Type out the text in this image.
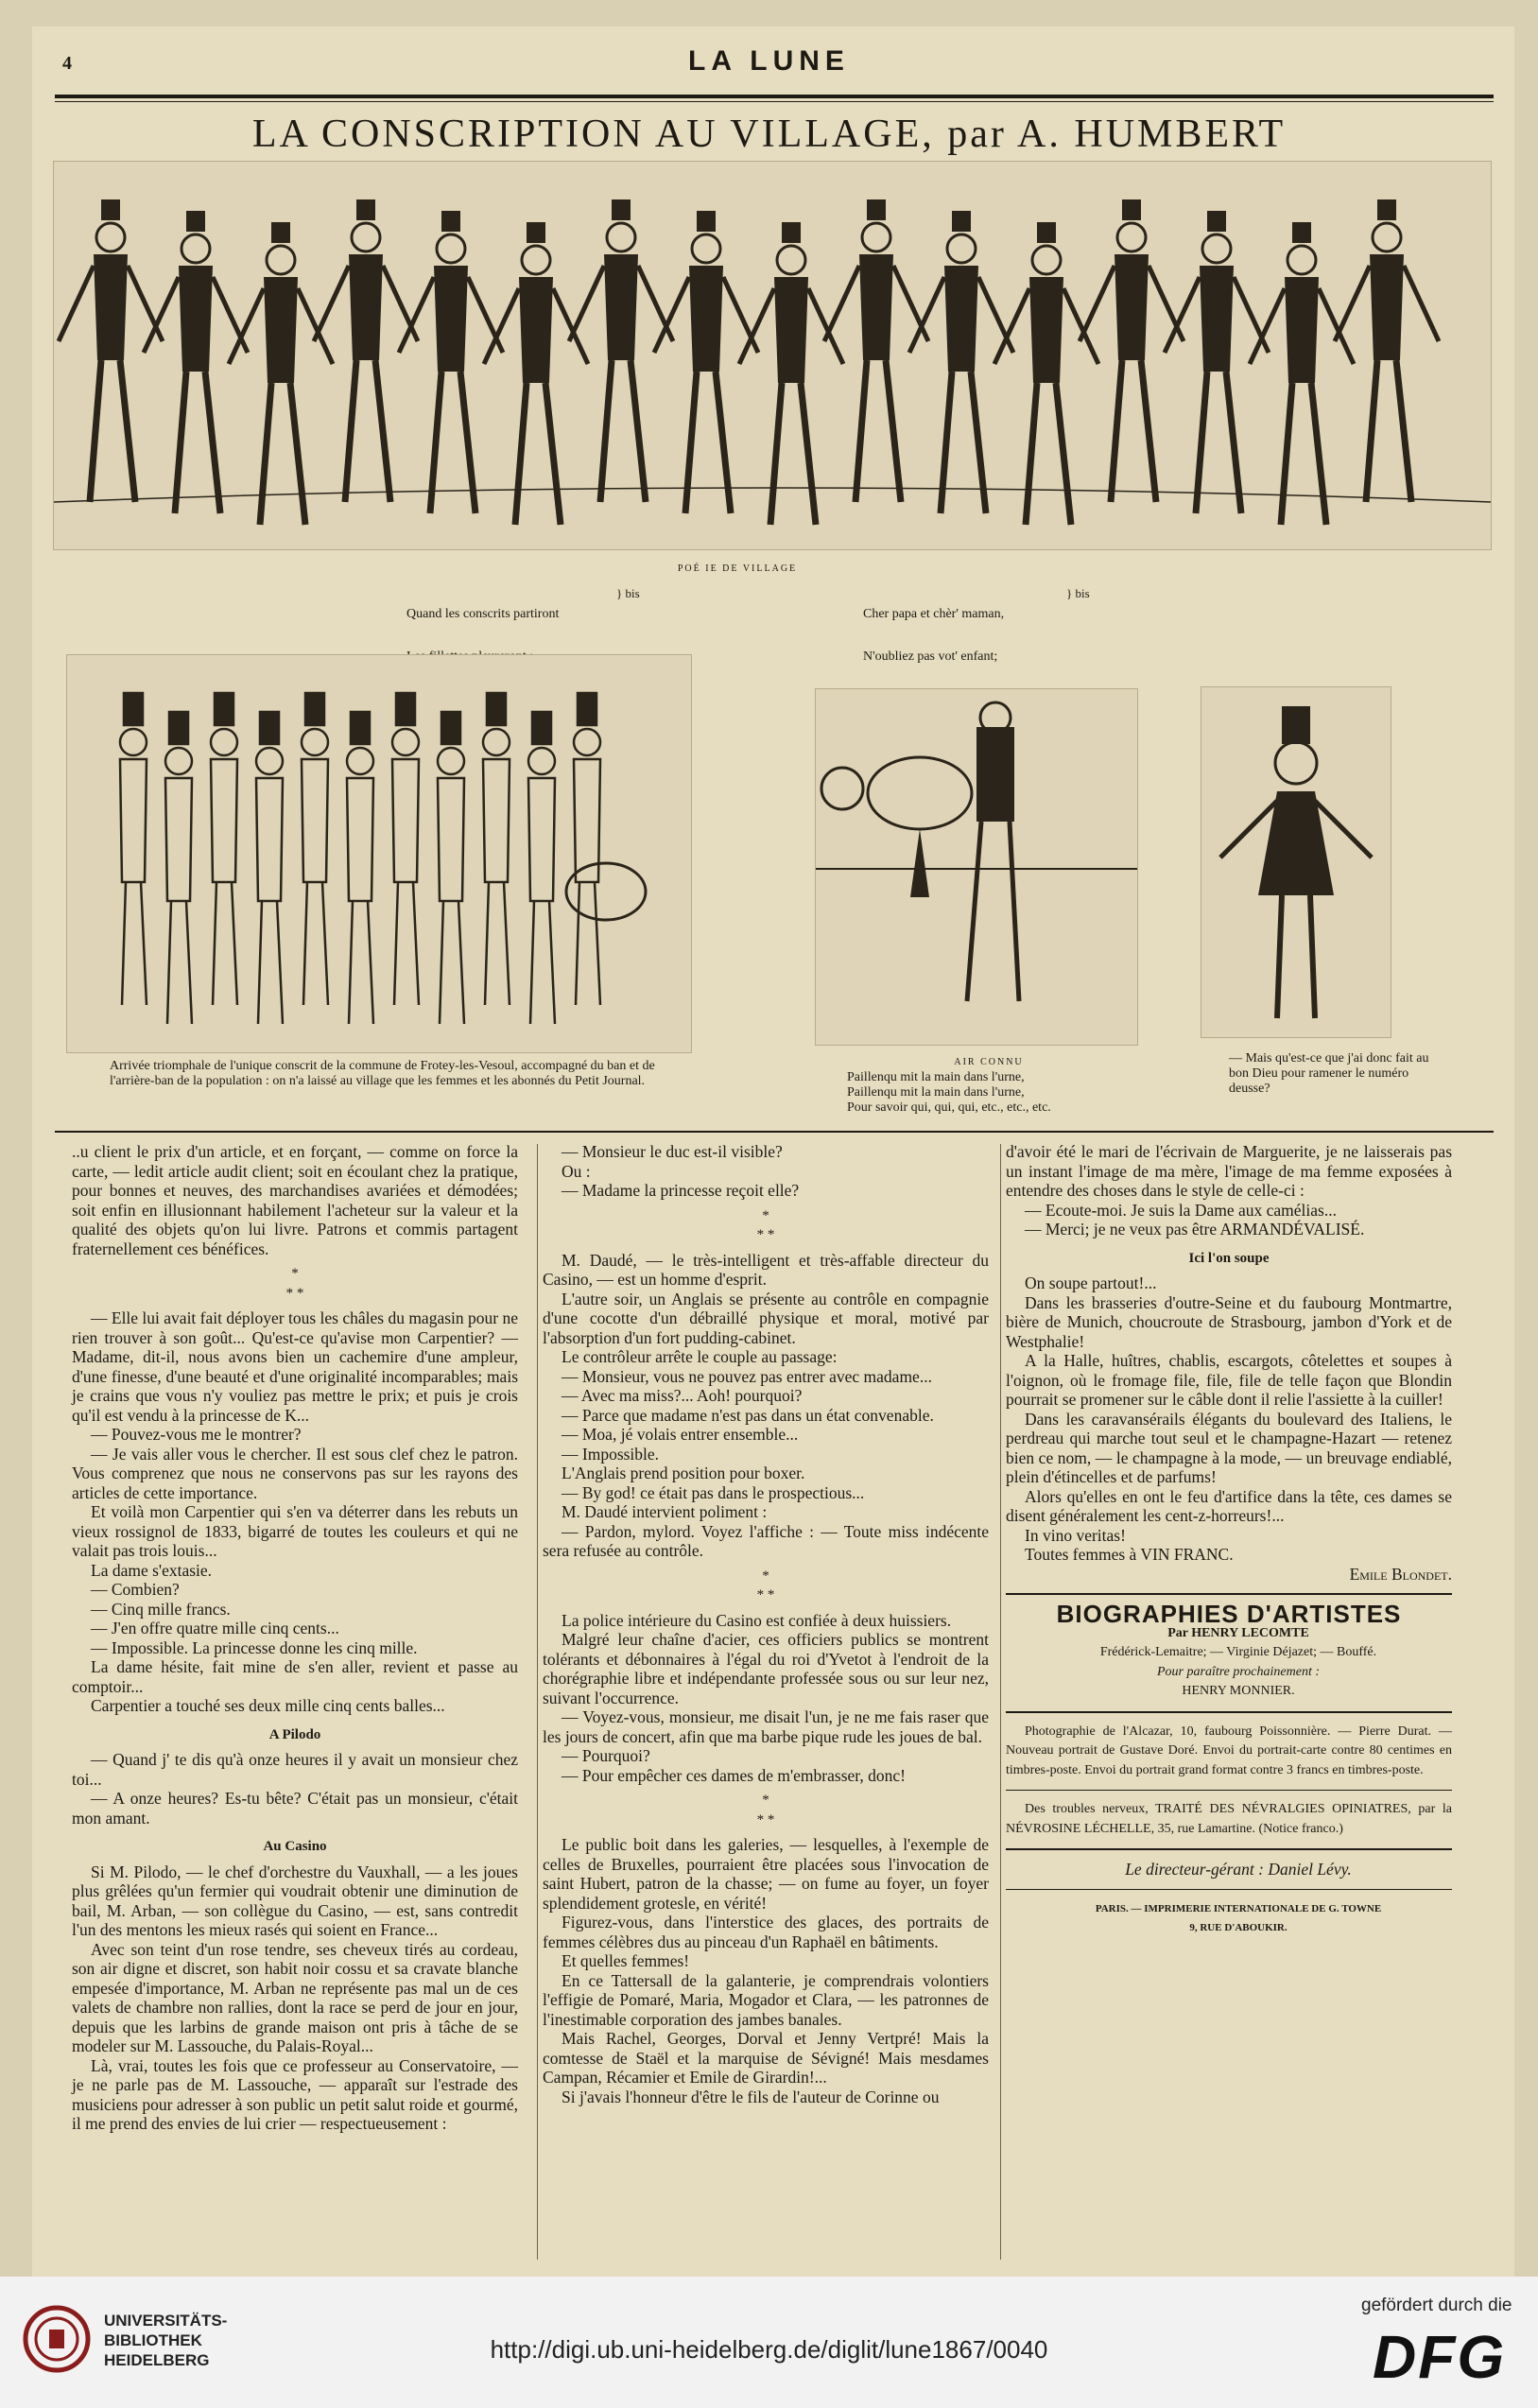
4	LA LUNE
LA CONSCRIPTION AU VILLAGE, par A. HUMBERT
POÉ IE DE VILLAGE

Quand les conscrits partiront

} bis

Cher papa et chèr' maman,

N'oubliez pas vot' enfant;

} bis
Arrivée triomphale de l'unique conscrit de la commune de Frotey-les-Vesoul, accompagné du ban et de l'arrière-ban de la population : on n'a laissé au village que les femmes et les abonnés du Petit Journal.
AIR CONNU
Paillenqu mit la main dans l'urne,
Paillenqu mit la main dans l'urne,
Pour savoir qui, qui, qui, etc., etc., etc.
— Mais qu'est-ce que j'ai donc fait au bon Dieu pour ramener le numéro deusse?

..u client le prix d'un article, et en forçant, — comme on force la carte, — ledit article audit client; soit en écoulant chez la pratique, pour bonnes et neuves, des marchandises avariées et démodées; soit enfin en illusionnant habilement l'acheteur sur la valeur et la qualité des objets qu'on lui livre. Patrons et commis partagent fraternellement ces bénéfices.

*
* *

— Elle lui avait fait déployer tous les châles du magasin pour ne rien trouver à son goût... Qu'est-ce qu'avise mon Carpentier? — Madame, dit-il, nous avons bien un cachemire d'une ampleur, d'une finesse, d'une beauté et d'une originalité incomparables; mais je crains que vous n'y vouliez pas mettre le prix; et puis je crois qu'il est vendu à la princesse de K...

— Pouvez-vous me le montrer?

— Je vais aller vous le chercher. Il est sous clef chez le patron. Vous comprenez que nous ne conservons pas sur les rayons des articles de cette importance.

Et voilà mon Carpentier qui s'en va déterrer dans les rebuts un vieux rossignol de 1833, bigarré de toutes les couleurs et qui ne valait pas trois louis...

La dame s'extasie.

— Combien?

— Cinq mille francs.

— J'en offre quatre mille cinq cents...

— Impossible. La princesse donne les cinq mille.

La dame hésite, fait mine de s'en aller, revient et passe au comptoir...

Carpentier a touché ses deux mille cinq cents balles...

A Pilodo

— Quand j' te dis qu'à onze heures il y avait un monsieur chez toi...

— A onze heures? Es-tu bête? C'était pas un monsieur, c'était mon amant.

Au Casino

Si M. Pilodo, — le chef d'orchestre du Vauxhall, — a les joues plus grêlées qu'un fermier qui voudrait obtenir une diminution de bail, M. Arban, — son collègue du Casino, — est, sans contredit l'un des mentons les mieux rasés qui soient en France...

Avec son teint d'un rose tendre, ses cheveux tirés au cordeau, son air digne et discret, son habit noir cossu et sa cravate blanche empesée d'importance, M. Arban ne représente pas mal un de ces valets de chambre non rallies, dont la race se perd de jour en jour, depuis que les larbins de grande maison ont pris à tâche de se modeler sur M. Lassouche, du Palais-Royal...

Là, vrai, toutes les fois que ce professeur au Conservatoire, — je ne parle pas de M. Lassouche, — apparaît sur l'estrade des musiciens pour adresser à son public un petit salut roide et gourmé, il me prend des envies de lui crier — respectueusement :

— Monsieur le duc est-il visible?

Ou :

— Madame la princesse reçoit elle?

*
* *

M. Daudé, — le très-intelligent et très-affable directeur du Casino, — est un homme d'esprit.

L'autre soir, un Anglais se présente au contrôle en compagnie d'une cocotte d'un débraillé physique et moral, motivé par l'absorption d'un fort pudding-cabinet.

Le contrôleur arrête le couple au passage:

— Monsieur, vous ne pouvez pas entrer avec madame...

— Avec ma miss?... Aoh! pourquoi?

— Parce que madame n'est pas dans un état convenable.

— Moa, jé volais entrer ensemble...

— Impossible.

L'Anglais prend position pour boxer.

— By god! ce était pas dans le prospectious...

M. Daudé intervient poliment :

— Pardon, mylord. Voyez l'affiche : — Toute miss indécente sera refusée au contrôle.

*
* *

La police intérieure du Casino est confiée à deux huissiers.

Malgré leur chaîne d'acier, ces officiers publics se montrent tolérants et débonnaires à l'égal du roi d'Yvetot à l'endroit de la chorégraphie libre et indépendante professée sous ou sur leur nez, suivant l'occurrence.

— Voyez-vous, monsieur, me disait l'un, je ne me fais raser que les jours de concert, afin que ma barbe pique rude les joues de bal.

— Pourquoi?

— Pour empêcher ces dames de m'embrasser, donc!

*
* *

Le public boit dans les galeries, — lesquelles, à l'exemple de celles de Bruxelles, pourraient être placées sous l'invocation de saint Hubert, patron de la chasse; — on fume au foyer, un foyer splendidement grotesle, en vérité!

Figurez-vous, dans l'interstice des glaces, des portraits de femmes célèbres dus au pinceau d'un Raphaël en bâtiments.

Et quelles femmes!

En ce Tattersall de la galanterie, je comprendrais volontiers l'effigie de Pomaré, Maria, Mogador et Clara, — les patronnes de l'inestimable corporation des jambes banales.

Mais Rachel, Georges, Dorval et Jenny Vertpré! Mais la comtesse de Staël et la marquise de Sévigné! Mais mesdames Campan, Récamier et Emile de Girardin!...

Si j'avais l'honneur d'être le fils de l'auteur de Corinne ou

d'avoir été le mari de l'écrivain de Marguerite, je ne laisserais pas un instant l'image de ma mère, l'image de ma femme exposées à entendre des choses dans le style de celle-ci :

— Ecoute-moi. Je suis la Dame aux camélias...

— Merci; je ne veux pas être ARMANDÉVALISÉ.

Ici l'on soupe

On soupe partout!...

Dans les brasseries d'outre-Seine et du faubourg Montmartre, bière de Munich, choucroute de Strasbourg, jambon d'York et de Westphalie!

A la Halle, huîtres, chablis, escargots, côtelettes et soupes à l'oignon, où le fromage file, file, file de telle façon que Blondin pourrait se promener sur le câble dont il relie l'assiette à la cuiller!

Dans les caravansérails élégants du boulevard des Italiens, le perdreau qui marche tout seul et le champagne-Hazart — retenez bien ce nom, — le champagne à la mode, — un breuvage endiablé, plein d'étincelles et de parfums!

Alors qu'elles en ont le feu d'artifice dans la tête, ces dames se disent généralement les cent-z-horreurs!...

In vino veritas!

Toutes femmes à VIN FRANC.

Emile Blondet.

BIOGRAPHIES D'ARTISTES

Par HENRY LECOMTE

Frédérick-Lemaitre; — Virginie Déjazet; — Bouffé.

Pour paraître prochainement :

HENRY MONNIER.

Photographie de l'Alcazar, 10, faubourg Poissonnière. — Pierre Durat. — Nouveau portrait de Gustave Doré. Envoi du portrait-carte contre 80 centimes en timbres-poste. Envoi du portrait grand format contre 3 francs en timbres-poste.

Des troubles nerveux, TRAITÉ DES NÉVRALGIES OPINIATRES, par la NÉVROSINE LÉCHELLE, 35, rue Lamartine. (Notice franco.)

Le directeur-gérant : Daniel Lévy.

PARIS. — IMPRIMERIE INTERNATIONALE DE G. TOWNE

9, RUE D'ABOUKIR.

UNIVERSITÄTS-
BIBLIOTHEK
HEIDELBERG	http://digi.ub.uni-heidelberg.de/diglit/lune1867/0040
gefördert durch die
DFG
